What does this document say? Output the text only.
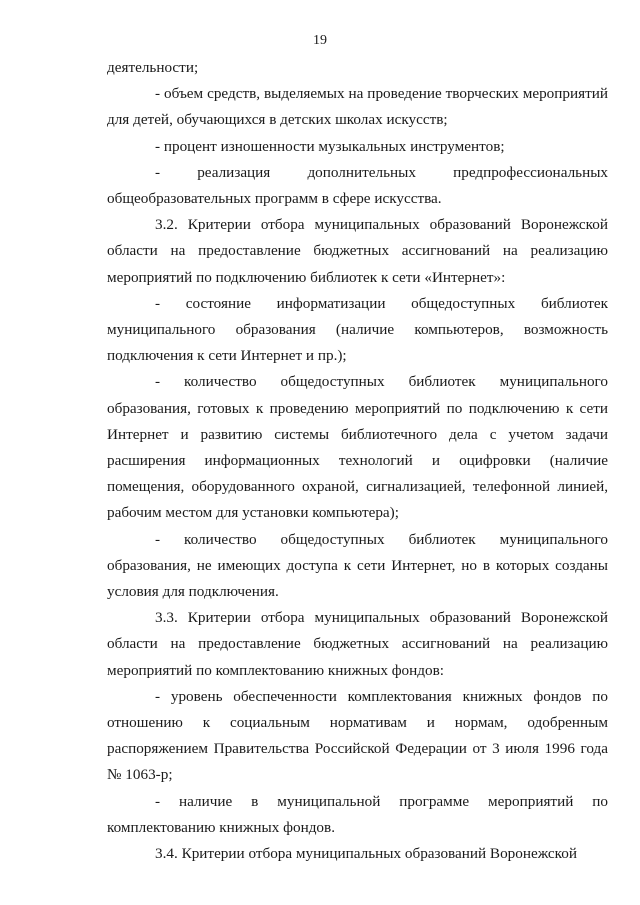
19

деятельности;

- объем средств, выделяемых на проведение творческих мероприятий для детей, обучающихся в детских школах искусств;

- процент изношенности музыкальных инструментов;

- реализация дополнительных предпрофессиональных общеобразовательных программ в сфере искусства.

3.2. Критерии отбора муниципальных образований Воронежской области на предоставление бюджетных ассигнований на реализацию мероприятий по подключению библиотек к сети «Интернет»:

- состояние информатизации общедоступных библиотек муниципального образования (наличие компьютеров, возможность подключения к сети Интернет и пр.);

- количество общедоступных библиотек муниципального образования, готовых к проведению мероприятий по подключению к сети Интернет и развитию системы библиотечного дела с учетом задачи расширения информационных технологий и оцифровки (наличие помещения, оборудованного охраной, сигнализацией, телефонной линией, рабочим местом для установки компьютера);

- количество общедоступных библиотек муниципального образования, не имеющих доступа к сети Интернет, но в которых созданы условия для подключения.

3.3. Критерии отбора муниципальных образований Воронежской области на предоставление бюджетных ассигнований на реализацию мероприятий по комплектованию книжных фондов:

- уровень обеспеченности комплектования книжных фондов по отношению к социальным нормативам и нормам, одобренным распоряжением Правительства Российской Федерации от 3 июля 1996 года № 1063-р;

- наличие в муниципальной программе мероприятий по комплектованию книжных фондов.

3.4. Критерии отбора муниципальных образований Воронежской
